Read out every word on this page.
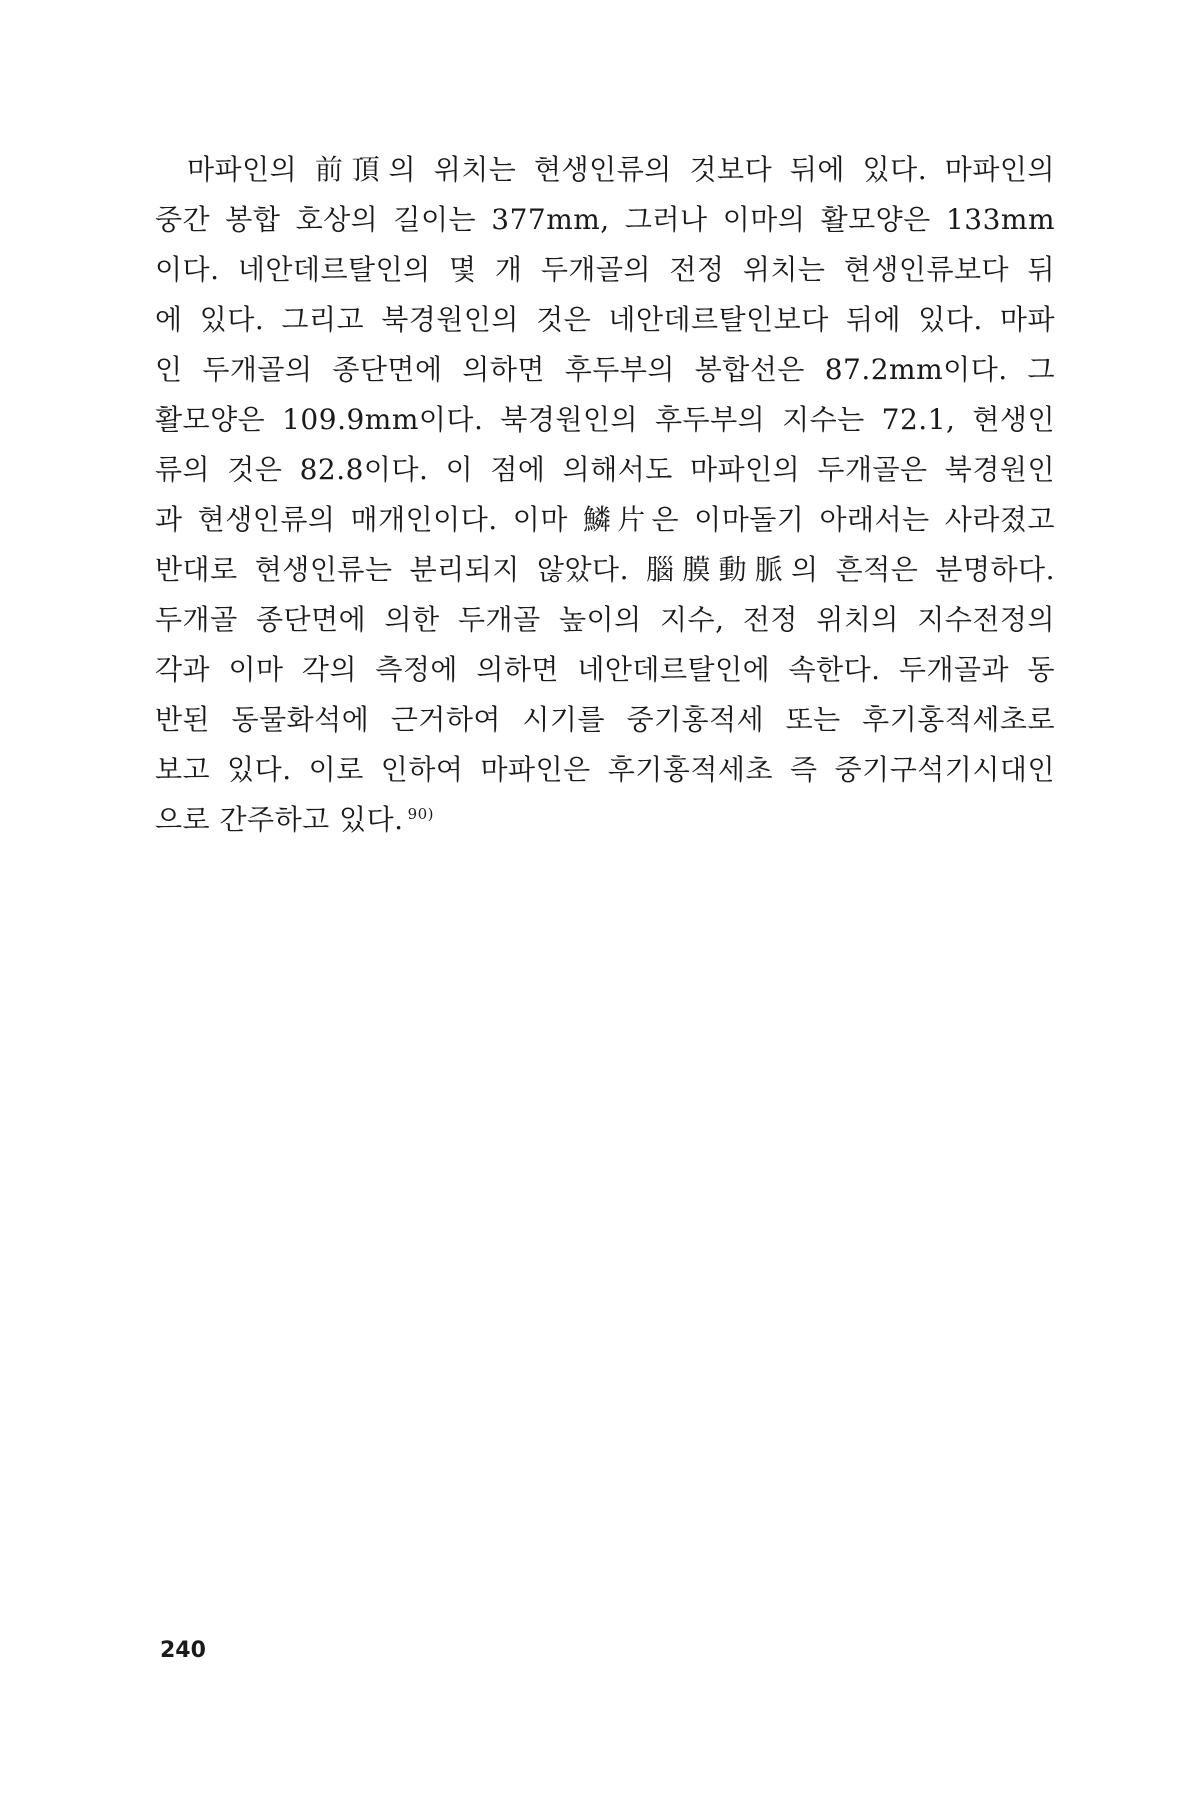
마파인의 前頂의 위치는 현생인류의 것보다 뒤에 있다. 마파인의
중간 봉합 호상의 길이는 377mm, 그러나 이마의 활모양은 133mm
이다. 네안데르탈인의 몇 개 두개골의 전정 위치는 현생인류보다 뒤
에 있다. 그리고 북경원인의 것은 네안데르탈인보다 뒤에 있다. 마파
인 두개골의 종단면에 의하면 후두부의 봉합선은 87.2mm이다. 그
활모양은 109.9mm이다. 북경원인의 후두부의 지수는 72.1, 현생인
류의 것은 82.8이다. 이 점에 의해서도 마파인의 두개골은 북경원인
과 현생인류의 매개인이다. 이마 鱗片은 이마돌기 아래서는 사라졌고
반대로 현생인류는 분리되지 않았다. 腦膜動脈의 흔적은 분명하다.
두개골 종단면에 의한 두개골 높이의 지수, 전정 위치의 지수전정의
각과 이마 각의 측정에 의하면 네안데르탈인에 속한다. 두개골과 동
반된 동물화석에 근거하여 시기를 중기홍적세 또는 후기홍적세초로
보고 있다. 이로 인하여 마파인은 후기홍적세초 즉 중기구석기시대인
으로 간주하고 있다. $^{90)}$
240
